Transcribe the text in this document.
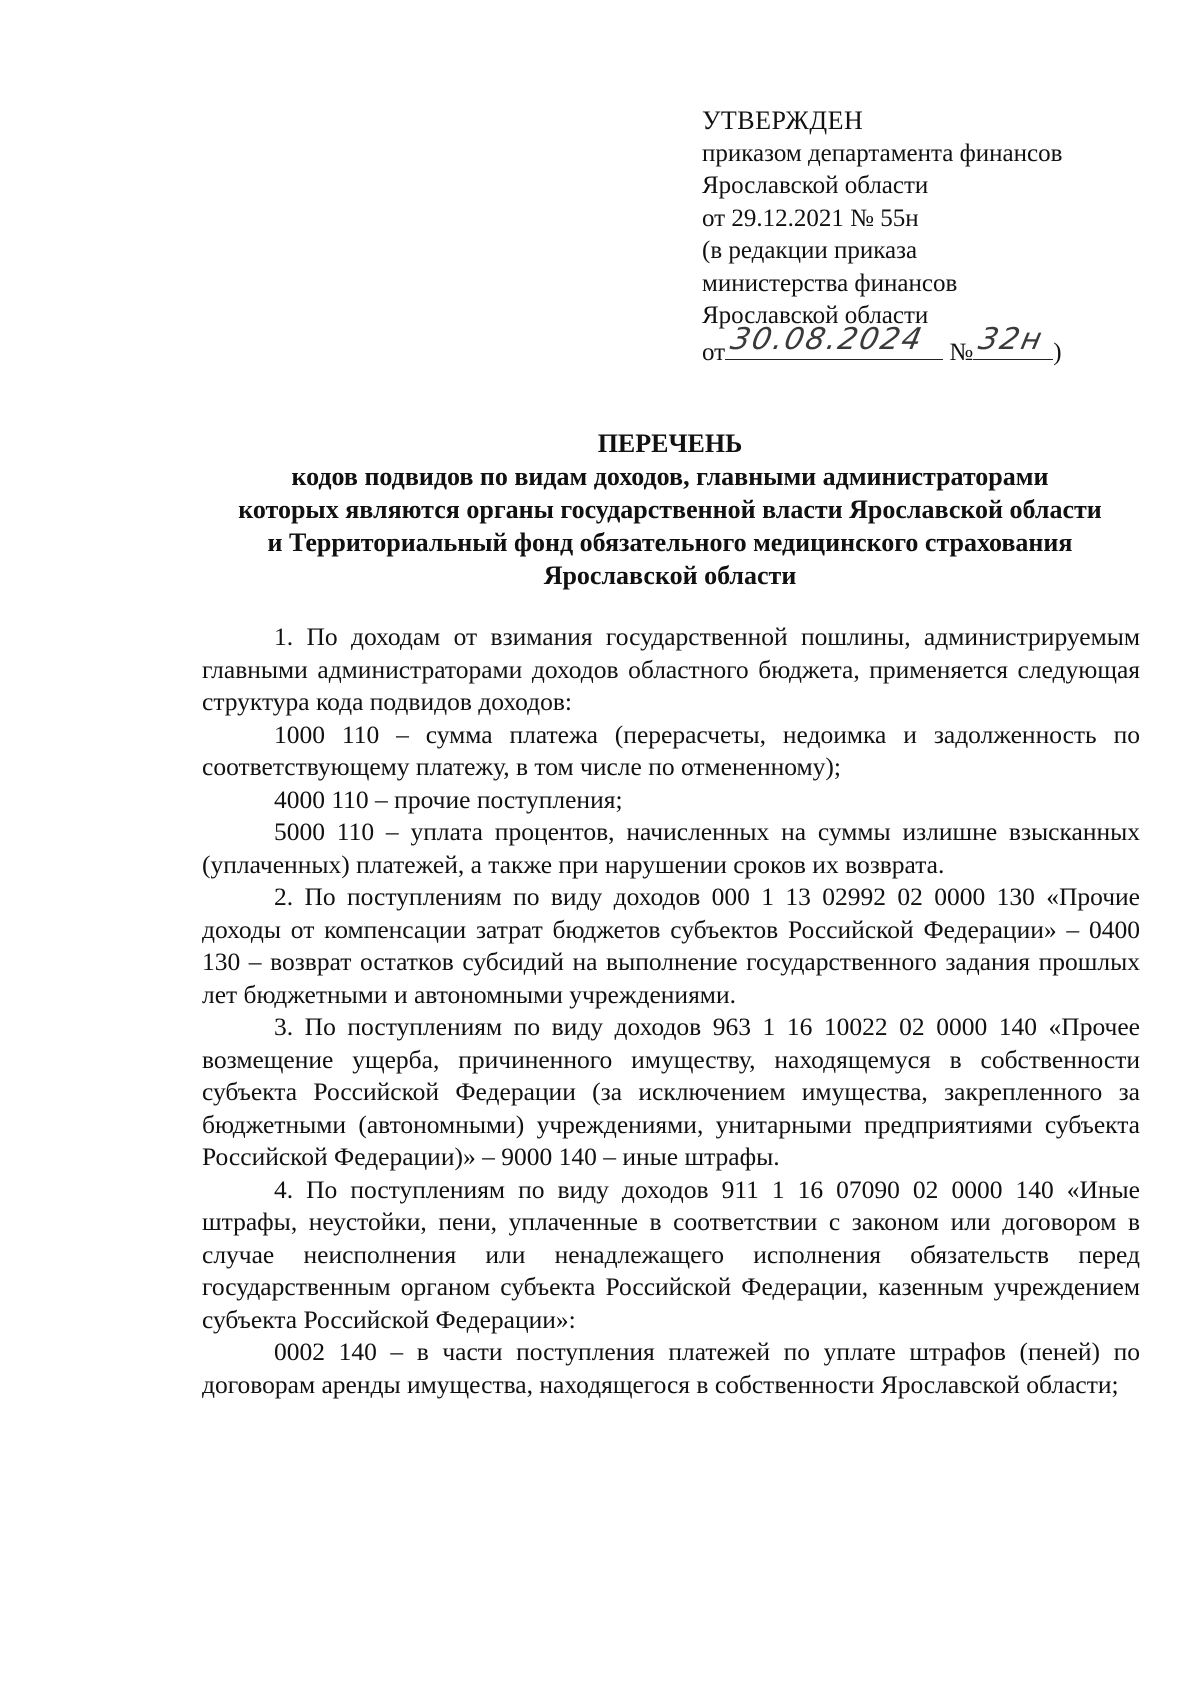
УТВЕРЖДЕН
приказом департамента финансов
Ярославской области
от 29.12.2021 № 55н
(в редакции приказа
министерства финансов
Ярославской области
от 30.08.2024 № 32н )
ПЕРЕЧЕНЬ
кодов подвидов по видам доходов, главными администраторами
которых являются органы государственной власти Ярославской области
и Территориальный фонд обязательного медицинского страхования
Ярославской области

1. По доходам от взимания государственной пошлины, администрируемым главными администраторами доходов областного бюджета, применяется следующая структура кода подвидов доходов:

1000 110 – сумма платежа (перерасчеты, недоимка и задолженность по соответствующему платежу, в том числе по отмененному);

4000 110 – прочие поступления;

5000 110 – уплата процентов, начисленных на суммы излишне взысканных (уплаченных) платежей, а также при нарушении сроков их возврата.

2. По поступлениям по виду доходов 000 1 13 02992 02 0000 130 «Прочие доходы от компенсации затрат бюджетов субъектов Российской Федерации» – 0400 130 – возврат остатков субсидий на выполнение государственного задания прошлых лет бюджетными и автономными учреждениями.

3. По поступлениям по виду доходов 963 1 16 10022 02 0000 140 «Прочее возмещение ущерба, причиненного имуществу, находящемуся в собственности субъекта Российской Федерации (за исключением имущества, закрепленного за бюджетными (автономными) учреждениями, унитарными предприятиями субъекта Российской Федерации)» – 9000 140 – иные штрафы.

4. По поступлениям по виду доходов 911 1 16 07090 02 0000 140 «Иные штрафы, неустойки, пени, уплаченные в соответствии с законом или договором в случае неисполнения или ненадлежащего исполнения обязательств перед государственным органом субъекта Российской Федерации, казенным учреждением субъекта Российской Федерации»:

0002 140 – в части поступления платежей по уплате штрафов (пеней) по договорам аренды имущества, находящегося в собственности Ярославской области;
